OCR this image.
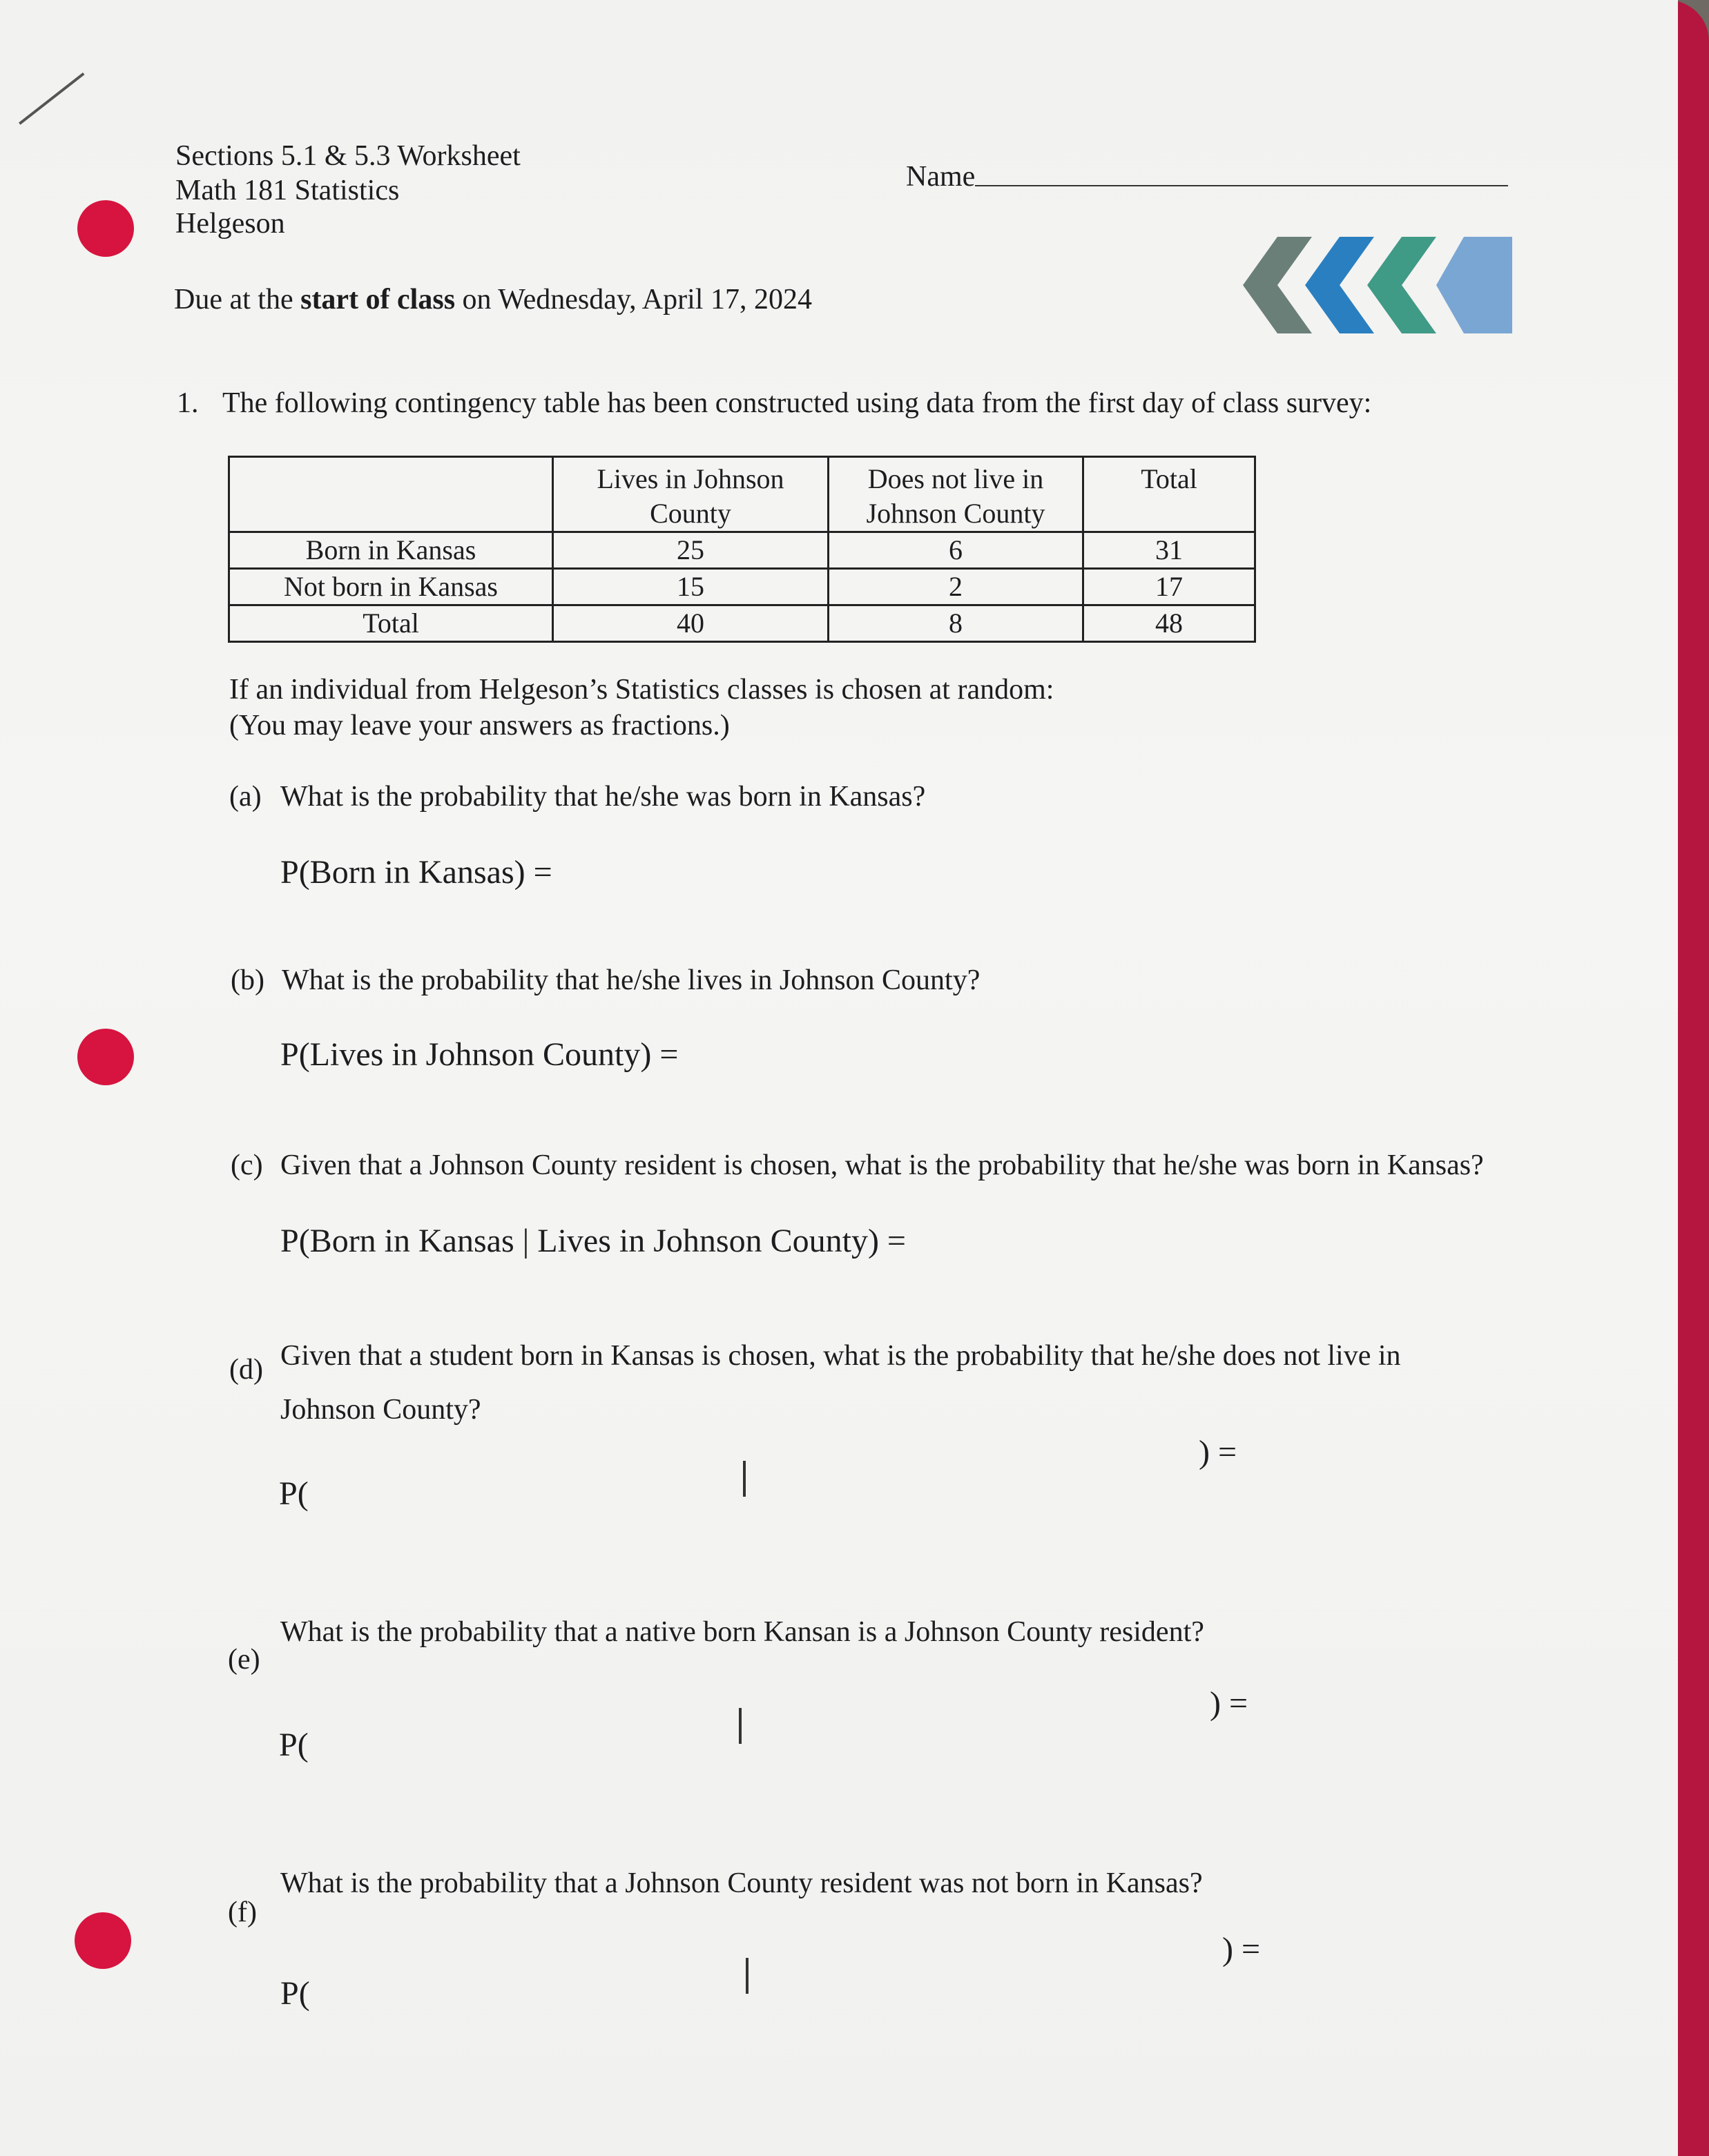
Sections 5.1 & 5.3 Worksheet
Math 181 Statistics
Helgeson
Name
Due at the start of class on Wednesday, April 17, 2024
1. The following contingency table has been constructed using data from the first day of class survey:
	Lives in Johnson County	Does not live in Johnson County	Total
Born in Kansas	25	6	31
Not born in Kansas	15	2	17
Total	40	8	48
If an individual from Helgeson’s Statistics classes is chosen at random:
(You may leave your answers as fractions.)
(a) What is the probability that he/she was born in Kansas?
P(Born in Kansas) =
(b) What is the probability that he/she lives in Johnson County?
P(Lives in Johnson County) =
(c) Given that a Johnson County resident is chosen, what is the probability that he/she was born in Kansas?
P(Born in Kansas | Lives in Johnson County) =
(d) Given that a student born in Kansas is chosen, what is the probability that he/she does not live in
Johnson County?
P(
) =
(e)
What is the probability that a native born Kansan is a Johnson County resident?
P(
) =
(f)
What is the probability that a Johnson County resident was not born in Kansas?
P(
) =
